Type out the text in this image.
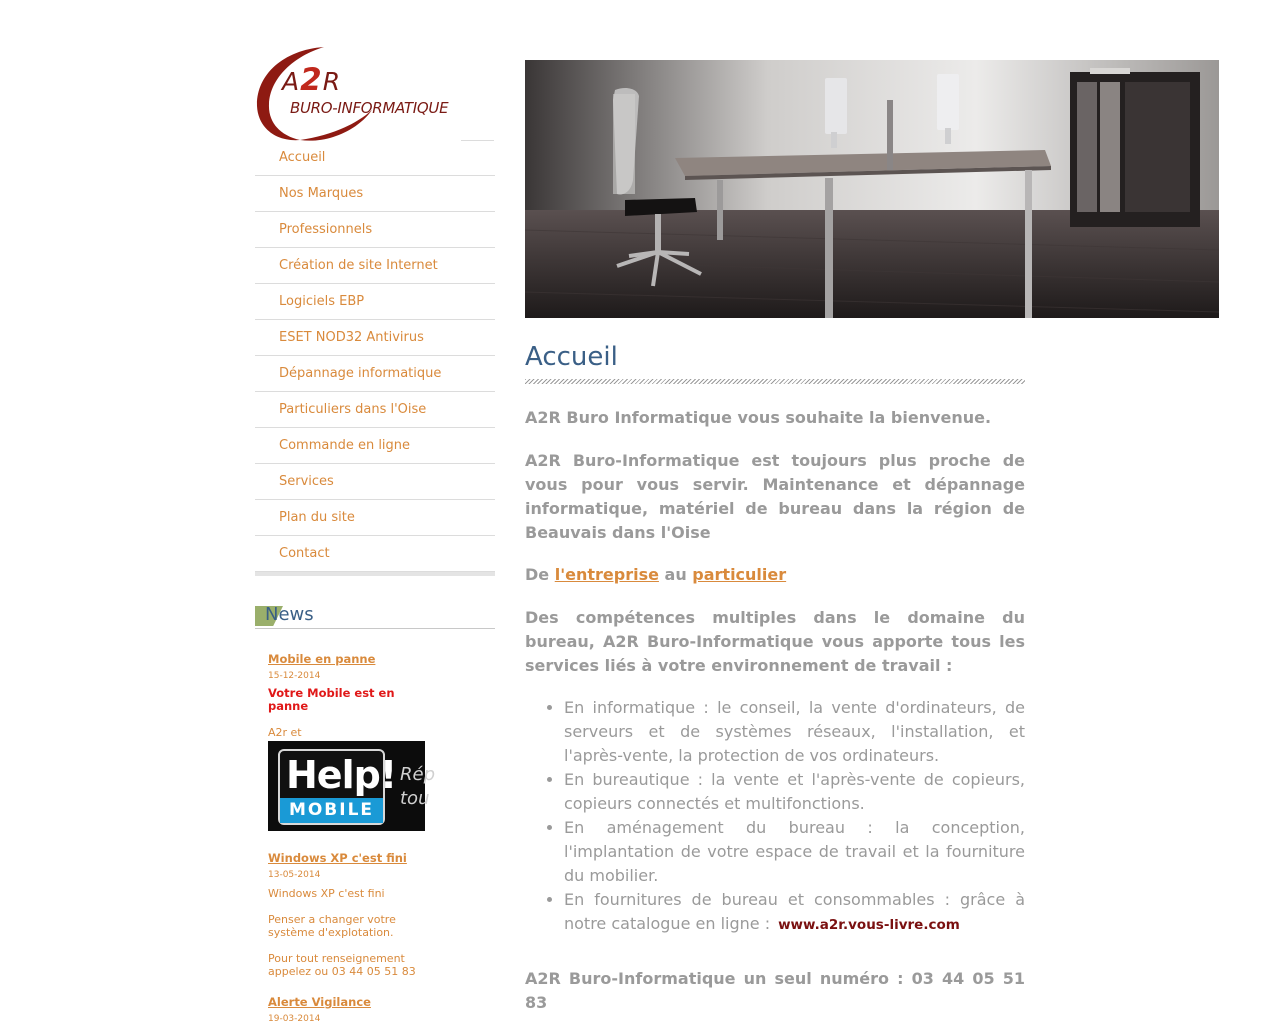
A2R
BURO-INFORMATIQUE
Accueil
Nos Marques
Professionnels
Création de site Internet
Logiciels EBP
ESET NOD32 Antivirus
Dépannage informatique
Particuliers dans l'Oise
Commande en ligne
Services
Plan du site
Contact
News
Mobile en panne
15-12-2014
Votre Mobile est en panne
A2r et
Help!
MOBILE
Rép
tou
Windows XP c'est fini
13-05-2014
Windows XP c'est fini
Penser a changer votre système d'explotation.
Pour tout renseignement appelez ou 03 44 05 51 83
Alerte Vigilance
19-03-2014
Accueil

A2R Buro Informatique vous souhaite la bienvenue.

A2R Buro-Informatique est toujours plus proche de vous pour vous servir. Maintenance et dépannage informatique, matériel de bureau dans la région de Beauvais dans l'Oise

De l'entreprise au particulier

Des compétences multiples dans le domaine du bureau, A2R Buro-Informatique vous apporte tous les services liés à votre environnement de travail :

• En informatique : le conseil, la vente d'ordinateurs, de serveurs et de systèmes réseaux, l'installation, et l'après-vente, la protection de vos ordinateurs.
• En bureautique : la vente et l'après-vente de copieurs, copieurs connectés et multifonctions.
• En aménagement du bureau : la conception, l'implantation de votre espace de travail et la fourniture du mobilier.
• En fournitures de bureau et consommables : grâce à notre catalogue en ligne : www.a2r.vous-livre.com

A2R Buro-Informatique un seul numéro : 03 44 05 51 83
